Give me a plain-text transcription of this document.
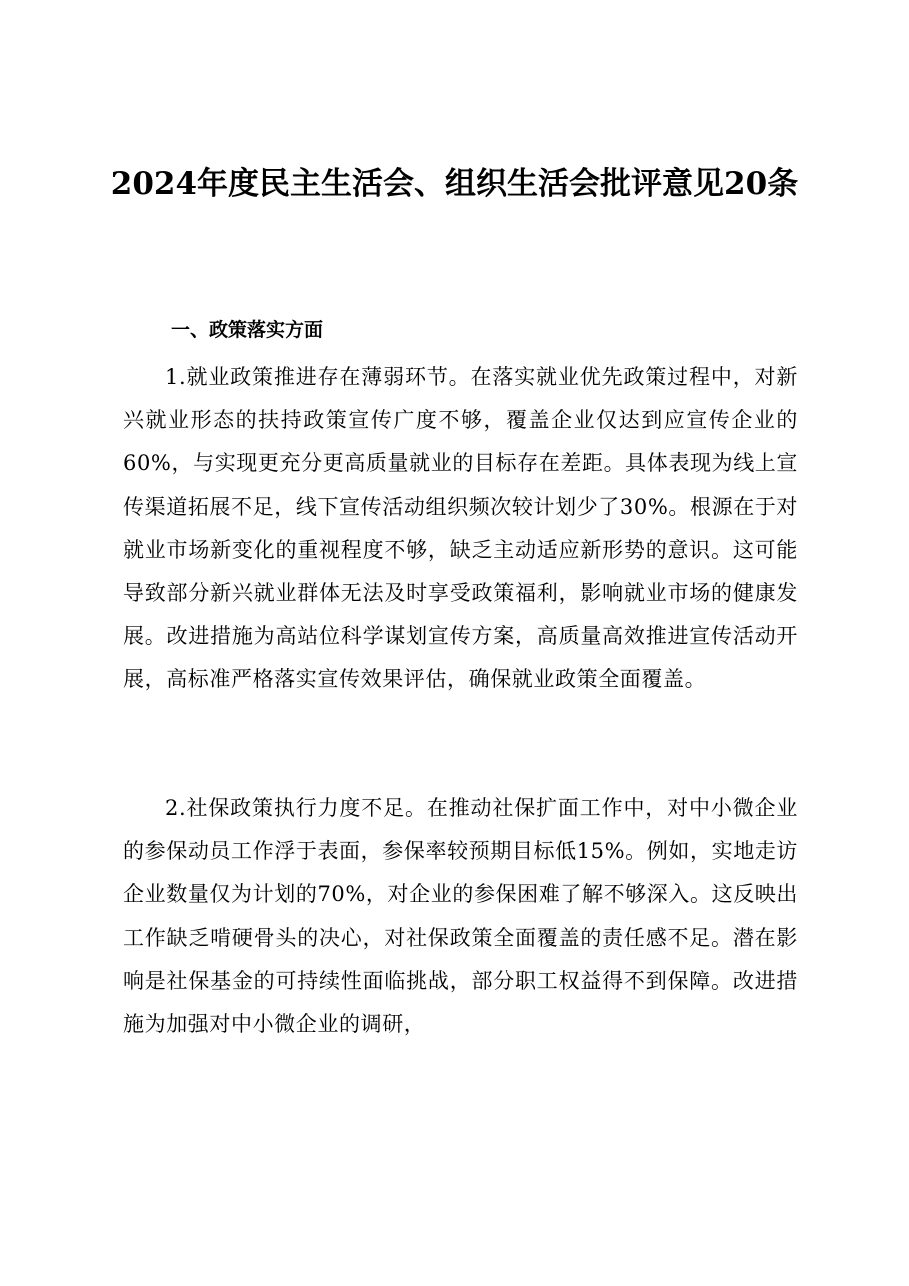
2024年度民主生活会、组织生活会批评意见20条
一、政策落实方面

1.就业政策推进存在薄弱环节。在落实就业优先政策过程中，对新兴就业形态的扶持政策宣传广度不够，覆盖企业仅达到应宣传企业的60%，与实现更充分更高质量就业的目标存在差距。具体表现为线上宣传渠道拓展不足，线下宣传活动组织频次较计划少了30%。根源在于对就业市场新变化的重视程度不够，缺乏主动适应新形势的意识。这可能导致部分新兴就业群体无法及时享受政策福利，影响就业市场的健康发展。改进措施为高站位科学谋划宣传方案，高质量高效推进宣传活动开展，高标准严格落实宣传效果评估，确保就业政策全面覆盖。

2.社保政策执行力度不足。在推动社保扩面工作中，对中小微企业的参保动员工作浮于表面，参保率较预期目标低15%。例如，实地走访企业数量仅为计划的70%，对企业的参保困难了解不够深入。这反映出工作缺乏啃硬骨头的决心，对社保政策全面覆盖的责任感不足。潜在影响是社保基金的可持续性面临挑战，部分职工权益得不到保障。改进措施为加强对中小微企业的调研，
